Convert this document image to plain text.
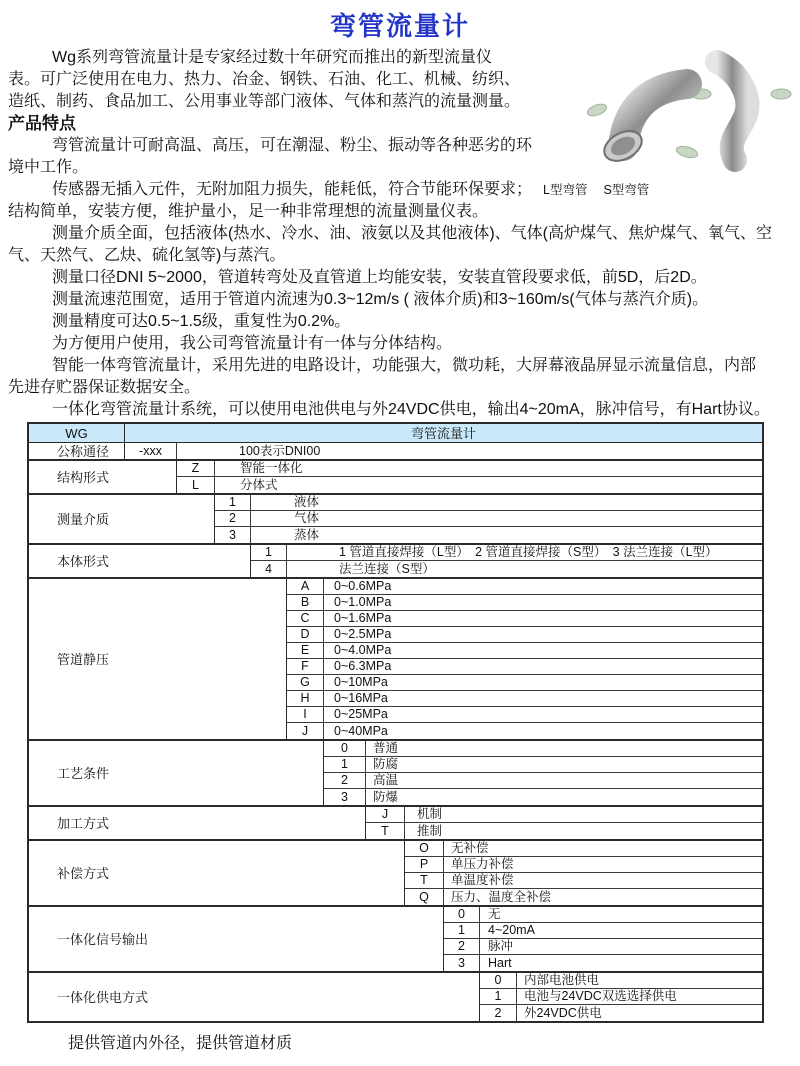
弯管流量计
Wg系列弯管流量计是专家经过数十年研究而推出的新型流量仪
表。可广泛使用在电力、热力、冶金、钢铁、石油、化工、机械、纺织、
造纸、制药、食品加工、公用事业等部门液体、气体和蒸汽的流量测量。
产品特点
弯管流量计可耐高温、高压，可在潮湿、粉尘、振动等各种恶劣的环
境中工作。
传感器无插入元件，无附加阻力损失，能耗低，符合节能环保要求；
结构简单，安装方便，维护量小，足一种非常理想的流量测量仪表。
测量介质全面，包括液体(热水、冷水、油、液氨以及其他液体)、气体(高炉煤气、焦炉煤气、氧气、空
气、天然气、乙炔、硫化氢等)与蒸汽。
测量口径DNI 5~2000，管道转弯处及直管道上均能安装，安装直管段要求低，前5D，后2D。
测量流速范围宽，适用于管道内流速为0.3~12m/s ( 液体介质)和3~160m/s(气体与蒸汽介质)。
测量精度可达0.5~1.5级，重复性为0.2%。
为方便用户使用，我公司弯管流量计有一体与分体结构。
智能一体弯管流量计，采用先进的电路设计，功能强大，微功耗，大屏幕液晶屏显示流量信息，内部
先进存贮器保证数据安全。
一体化弯管流量计系统，可以使用电池供电与外24VDC供电，输出4~20mA，脉冲信号，有Hart协议。
L型弯管 S型弯管
WG	弯管流量计
公称通径	-xxx	100表示DNI00
结构形式
Z	智能一体化
L	分体式
测量介质
1	液体
2	气体
3	蒸体
本体形式
1	1 管道直接焊接（L型）　2 管道直接焊接（S型）　3 法兰连接（L型）
4	法兰连接（S型）
管道静压
A	0~0.6MPa
B	0~1.0MPa
C	0~1.6MPa
D	0~2.5MPa
E	0~4.0MPa
F	0~6.3MPa
G	0~10MPa
H	0~16MPa
I	0~25MPa
J	0~40MPa
工艺条件
0	普通
1	防腐
2	高温
3	防爆
加工方式
J	机制
T	推制
补偿方式
O	无补偿
P	单压力补偿
T	单温度补偿
Q	压力、温度全补偿
一体化信号输出
0	无
1	4~20mA
2	脉冲
3	Hart
一体化供电方式
0	内部电池供电
1	电池与24VDC双选选择供电
2	外24VDC供电
提供管道内外径，提供管道材质
